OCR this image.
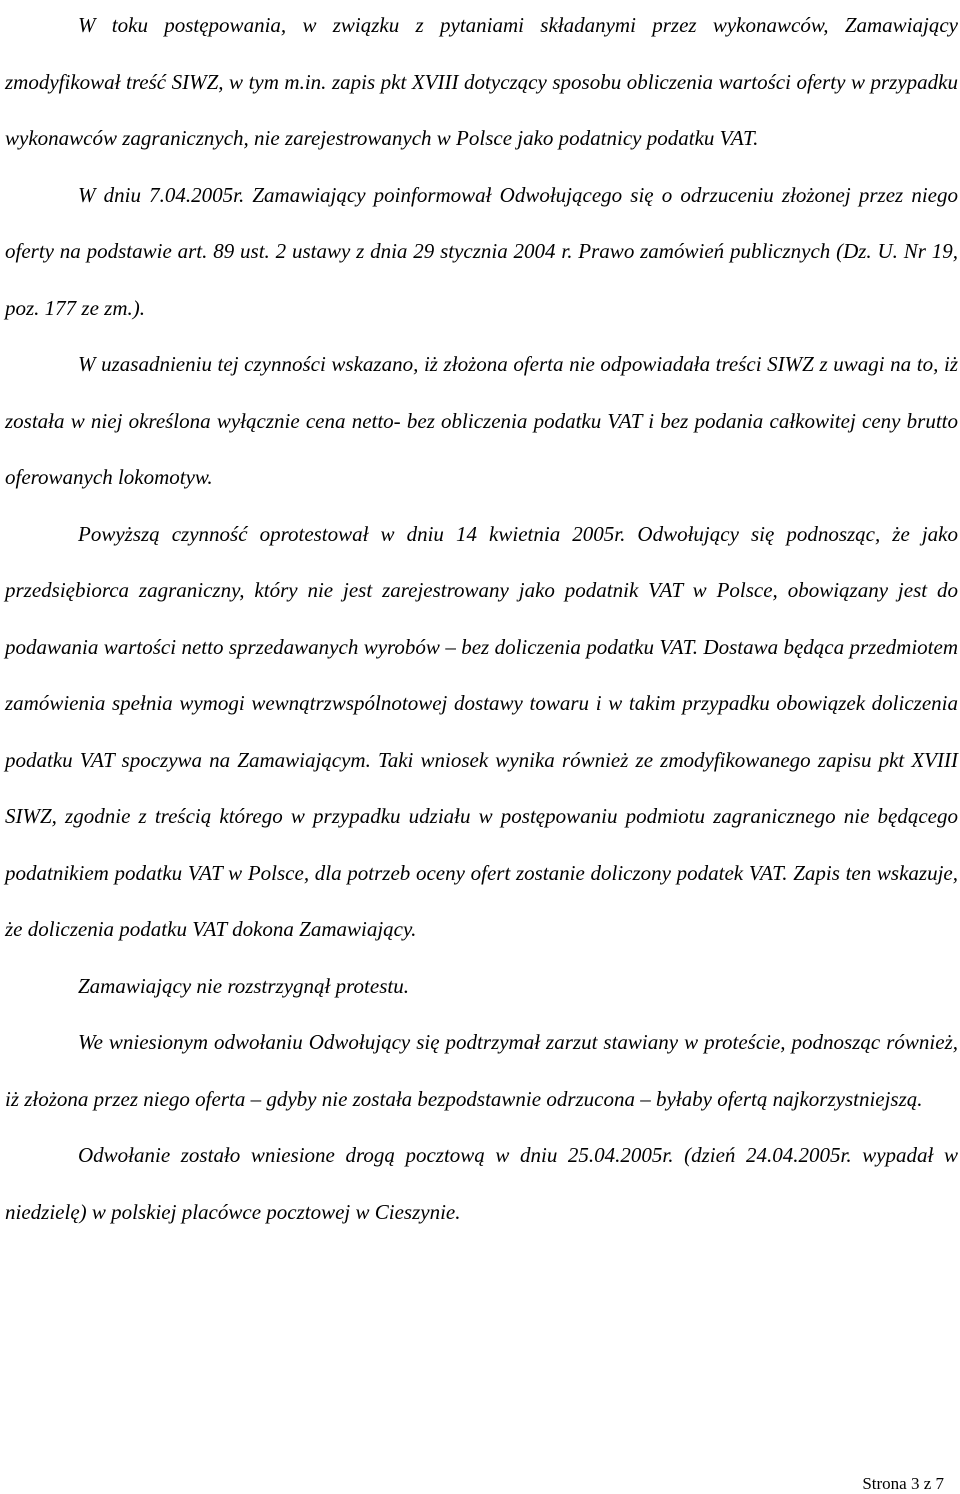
W toku postępowania, w związku z pytaniami składanymi przez wykonawców, Zamawiający zmodyfikował treść SIWZ, w tym m.in. zapis pkt XVIII dotyczący sposobu obliczenia wartości oferty w przypadku wykonawców zagranicznych, nie zarejestrowanych w Polsce jako podatnicy podatku VAT.

W dniu 7.04.2005r. Zamawiający poinformował Odwołującego się o odrzuceniu złożonej przez niego oferty na podstawie art. 89 ust. 2 ustawy z dnia 29 stycznia 2004 r. Prawo zamówień publicznych (Dz. U. Nr 19, poz. 177 ze zm.).

W uzasadnieniu tej czynności wskazano, iż złożona oferta nie odpowiadała treści SIWZ z uwagi na to, iż została w niej określona wyłącznie cena netto- bez obliczenia podatku VAT i bez podania całkowitej ceny brutto oferowanych lokomotyw.

Powyższą czynność oprotestował w dniu 14 kwietnia 2005r. Odwołujący się podnosząc, że jako przedsiębiorca zagraniczny, który nie jest zarejestrowany jako podatnik VAT w Polsce, obowiązany jest do podawania wartości netto sprzedawanych wyrobów – bez doliczenia podatku VAT. Dostawa będąca przedmiotem zamówienia spełnia wymogi wewnątrzwspólnotowej dostawy towaru i w takim przypadku obowiązek doliczenia podatku VAT spoczywa na Zamawiającym. Taki wniosek wynika również ze zmodyfikowanego zapisu pkt XVIII SIWZ, zgodnie z treścią którego w przypadku udziału w postępowaniu podmiotu zagranicznego nie będącego podatnikiem podatku VAT w Polsce, dla potrzeb oceny ofert zostanie doliczony podatek VAT. Zapis ten wskazuje, że doliczenia podatku VAT dokona Zamawiający.

Zamawiający nie rozstrzygnął protestu.

We wniesionym odwołaniu Odwołujący się podtrzymał zarzut stawiany w proteście, podnosząc również, iż złożona przez niego oferta – gdyby nie została bezpodstawnie odrzucona – byłaby ofertą najkorzystniejszą.

Odwołanie zostało wniesione drogą pocztową w dniu 25.04.2005r. (dzień 24.04.2005r. wypadał w niedzielę) w polskiej placówce pocztowej w Cieszynie.

Strona 3 z 7
